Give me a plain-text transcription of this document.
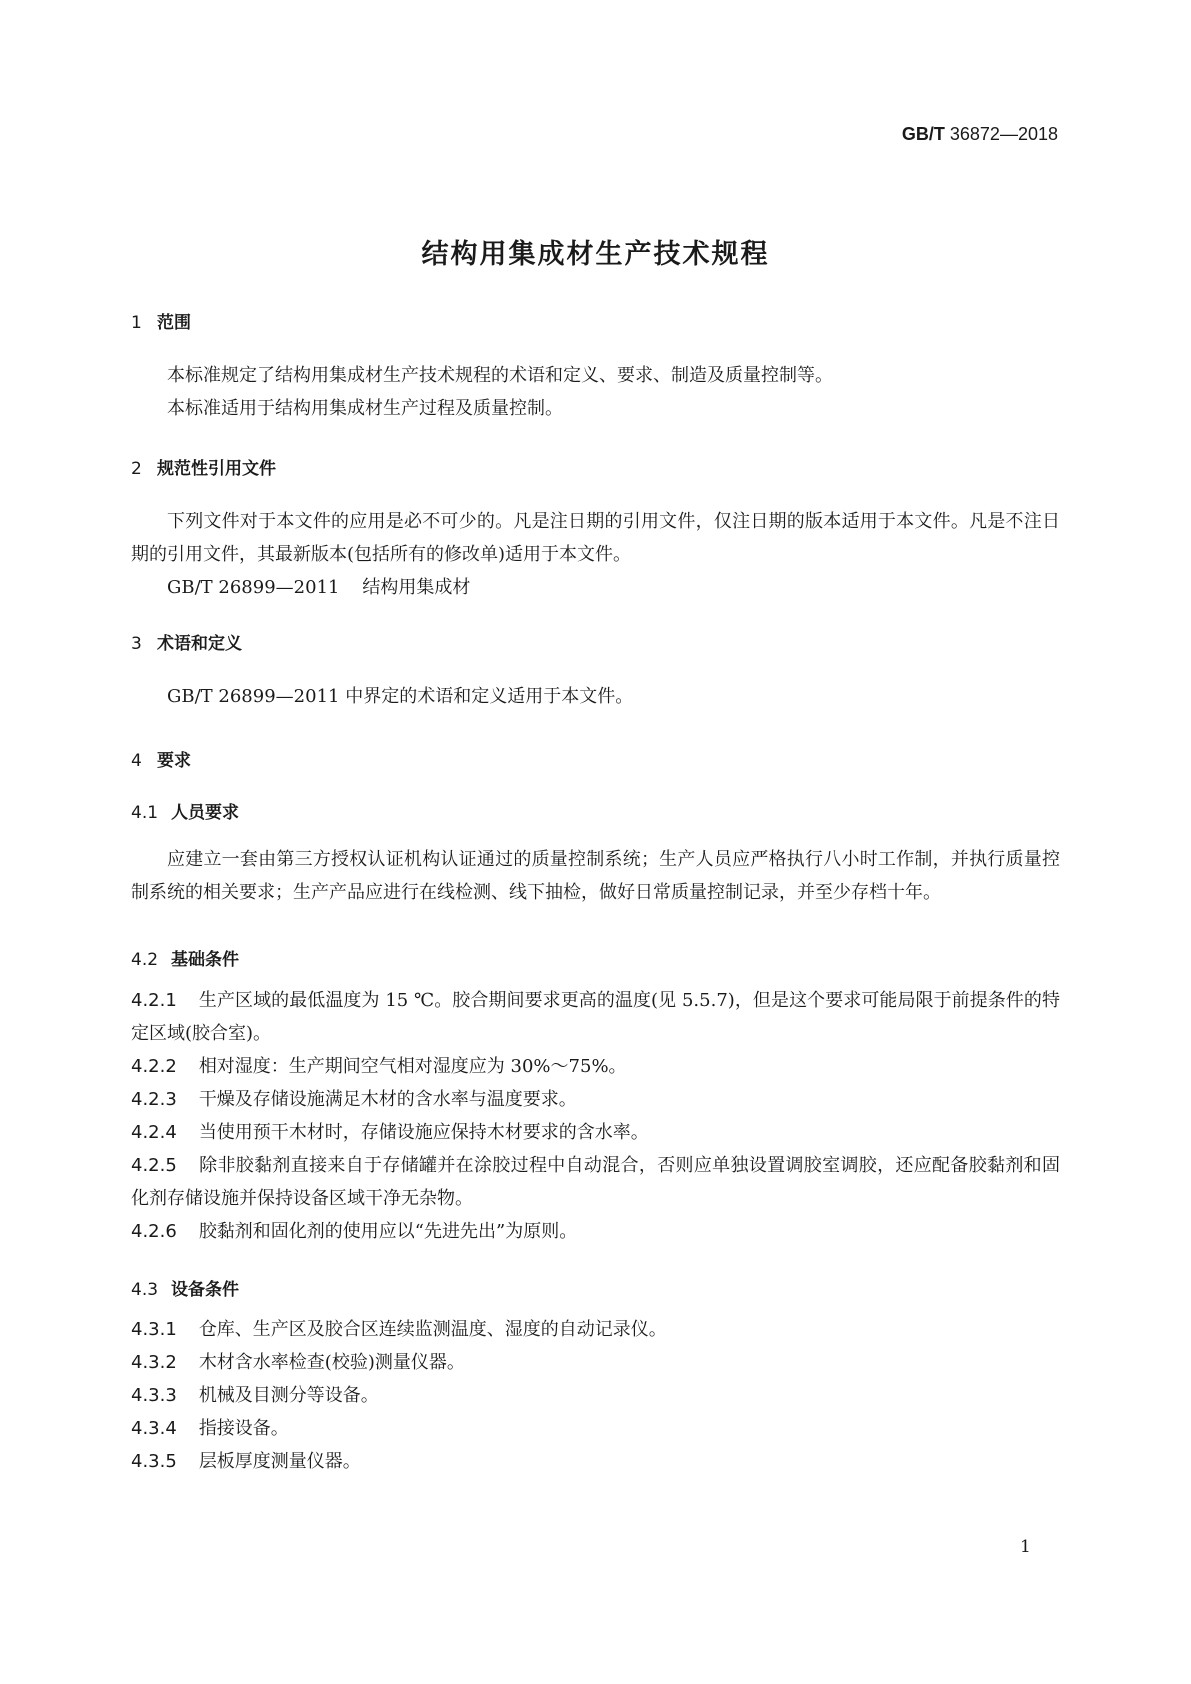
GB/T 36872—2018
结构用集成材生产技术规程
1 范围
本标准规定了结构用集成材生产技术规程的术语和定义、要求、制造及质量控制等。
本标准适用于结构用集成材生产过程及质量控制。
2 规范性引用文件
下列文件对于本文件的应用是必不可少的。凡是注日期的引用文件，仅注日期的版本适用于本文件。凡是不注日期的引用文件，其最新版本(包括所有的修改单)适用于本文件。
GB/T 26899—2011 结构用集成材
3 术语和定义
GB/T 26899—2011 中界定的术语和定义适用于本文件。
4 要求
4.1 人员要求
应建立一套由第三方授权认证机构认证通过的质量控制系统；生产人员应严格执行八小时工作制，并执行质量控制系统的相关要求；生产产品应进行在线检测、线下抽检，做好日常质量控制记录，并至少存档十年。
4.2 基础条件
4.2.1 生产区域的最低温度为 15 ℃。胶合期间要求更高的温度(见 5.5.7)，但是这个要求可能局限于前提条件的特定区域(胶合室)。
4.2.2 相对湿度：生产期间空气相对湿度应为 30%～75%。
4.2.3 干燥及存储设施满足木材的含水率与温度要求。
4.2.4 当使用预干木材时，存储设施应保持木材要求的含水率。
4.2.5 除非胶黏剂直接来自于存储罐并在涂胶过程中自动混合，否则应单独设置调胶室调胶，还应配备胶黏剂和固化剂存储设施并保持设备区域干净无杂物。
4.2.6 胶黏剂和固化剂的使用应以“先进先出”为原则。
4.3 设备条件
4.3.1 仓库、生产区及胶合区连续监测温度、湿度的自动记录仪。
4.3.2 木材含水率检查(校验)测量仪器。
4.3.3 机械及目测分等设备。
4.3.4 指接设备。
4.3.5 层板厚度测量仪器。
1
